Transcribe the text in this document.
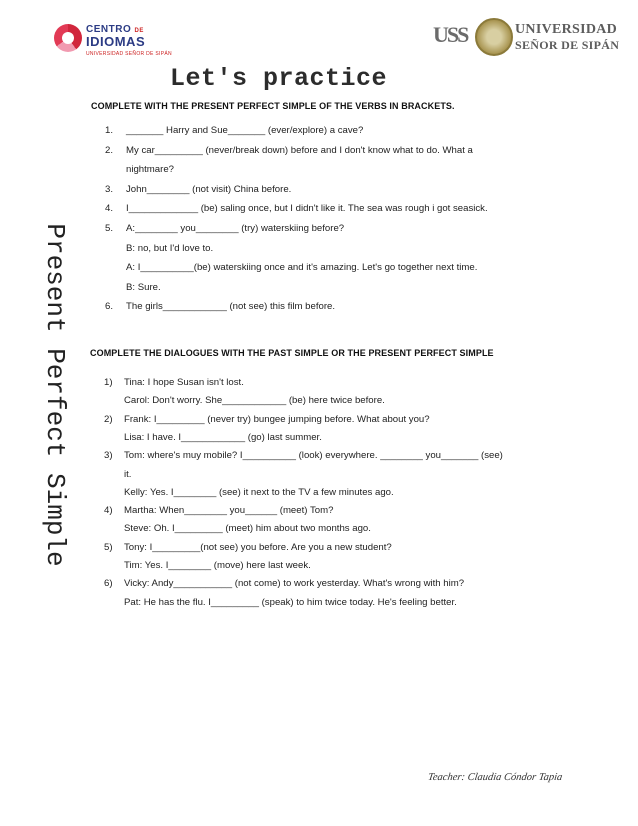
CENTRO DE
IDIOMAS
UNIVERSIDAD SEÑOR DE SIPÁN
USS	UNIVERSIDAD
SEÑOR DE SIPÁN
Let's practice
Present Perfect Simple
COMPLETE WITH THE PRESENT PERFECT SIMPLE OF THE VERBS IN BRACKETS.
1. _______ Harry and Sue_______ (ever/explore) a cave?
2. My car_________ (never/break down) before and I don't know what to do. What a
nightmare?
3. John________ (not visit) China before.
4. I_____________ (be) saling once, but I didn't like it. The sea was rough i got seasick.
5. A:________ you________ (try) waterskiing before?
B: no, but I'd love to.
A: I__________(be) waterskiing once and it's amazing. Let's go together next time.
B: Sure.
6. The girls____________ (not see) this film before.
COMPLETE THE DIALOGUES WITH THE PAST SIMPLE OR THE PRESENT PERFECT SIMPLE
1) Tina: I hope Susan isn't lost.
Carol: Don't worry. She____________ (be) here twice before.
2) Frank: I_________ (never try) bungee jumping before. What about you?
Lisa: I have. I____________ (go) last summer.
3) Tom: where's muy mobile? I__________ (look) everywhere. ________ you_______ (see)
it.
Kelly: Yes. I________ (see) it next to the TV a few minutes ago.
4) Martha: When________ you______ (meet) Tom?
Steve: Oh. I_________ (meet) him about two months ago.
5) Tony: I_________(not see) you before. Are you a new student?
Tim: Yes. I________ (move) here last week.
6) Vicky: Andy___________ (not come) to work yesterday. What's wrong with him?
Pat: He has the flu. I_________ (speak) to him twice today. He's feeling better.
Teacher: Claudia Cóndor Tapia
